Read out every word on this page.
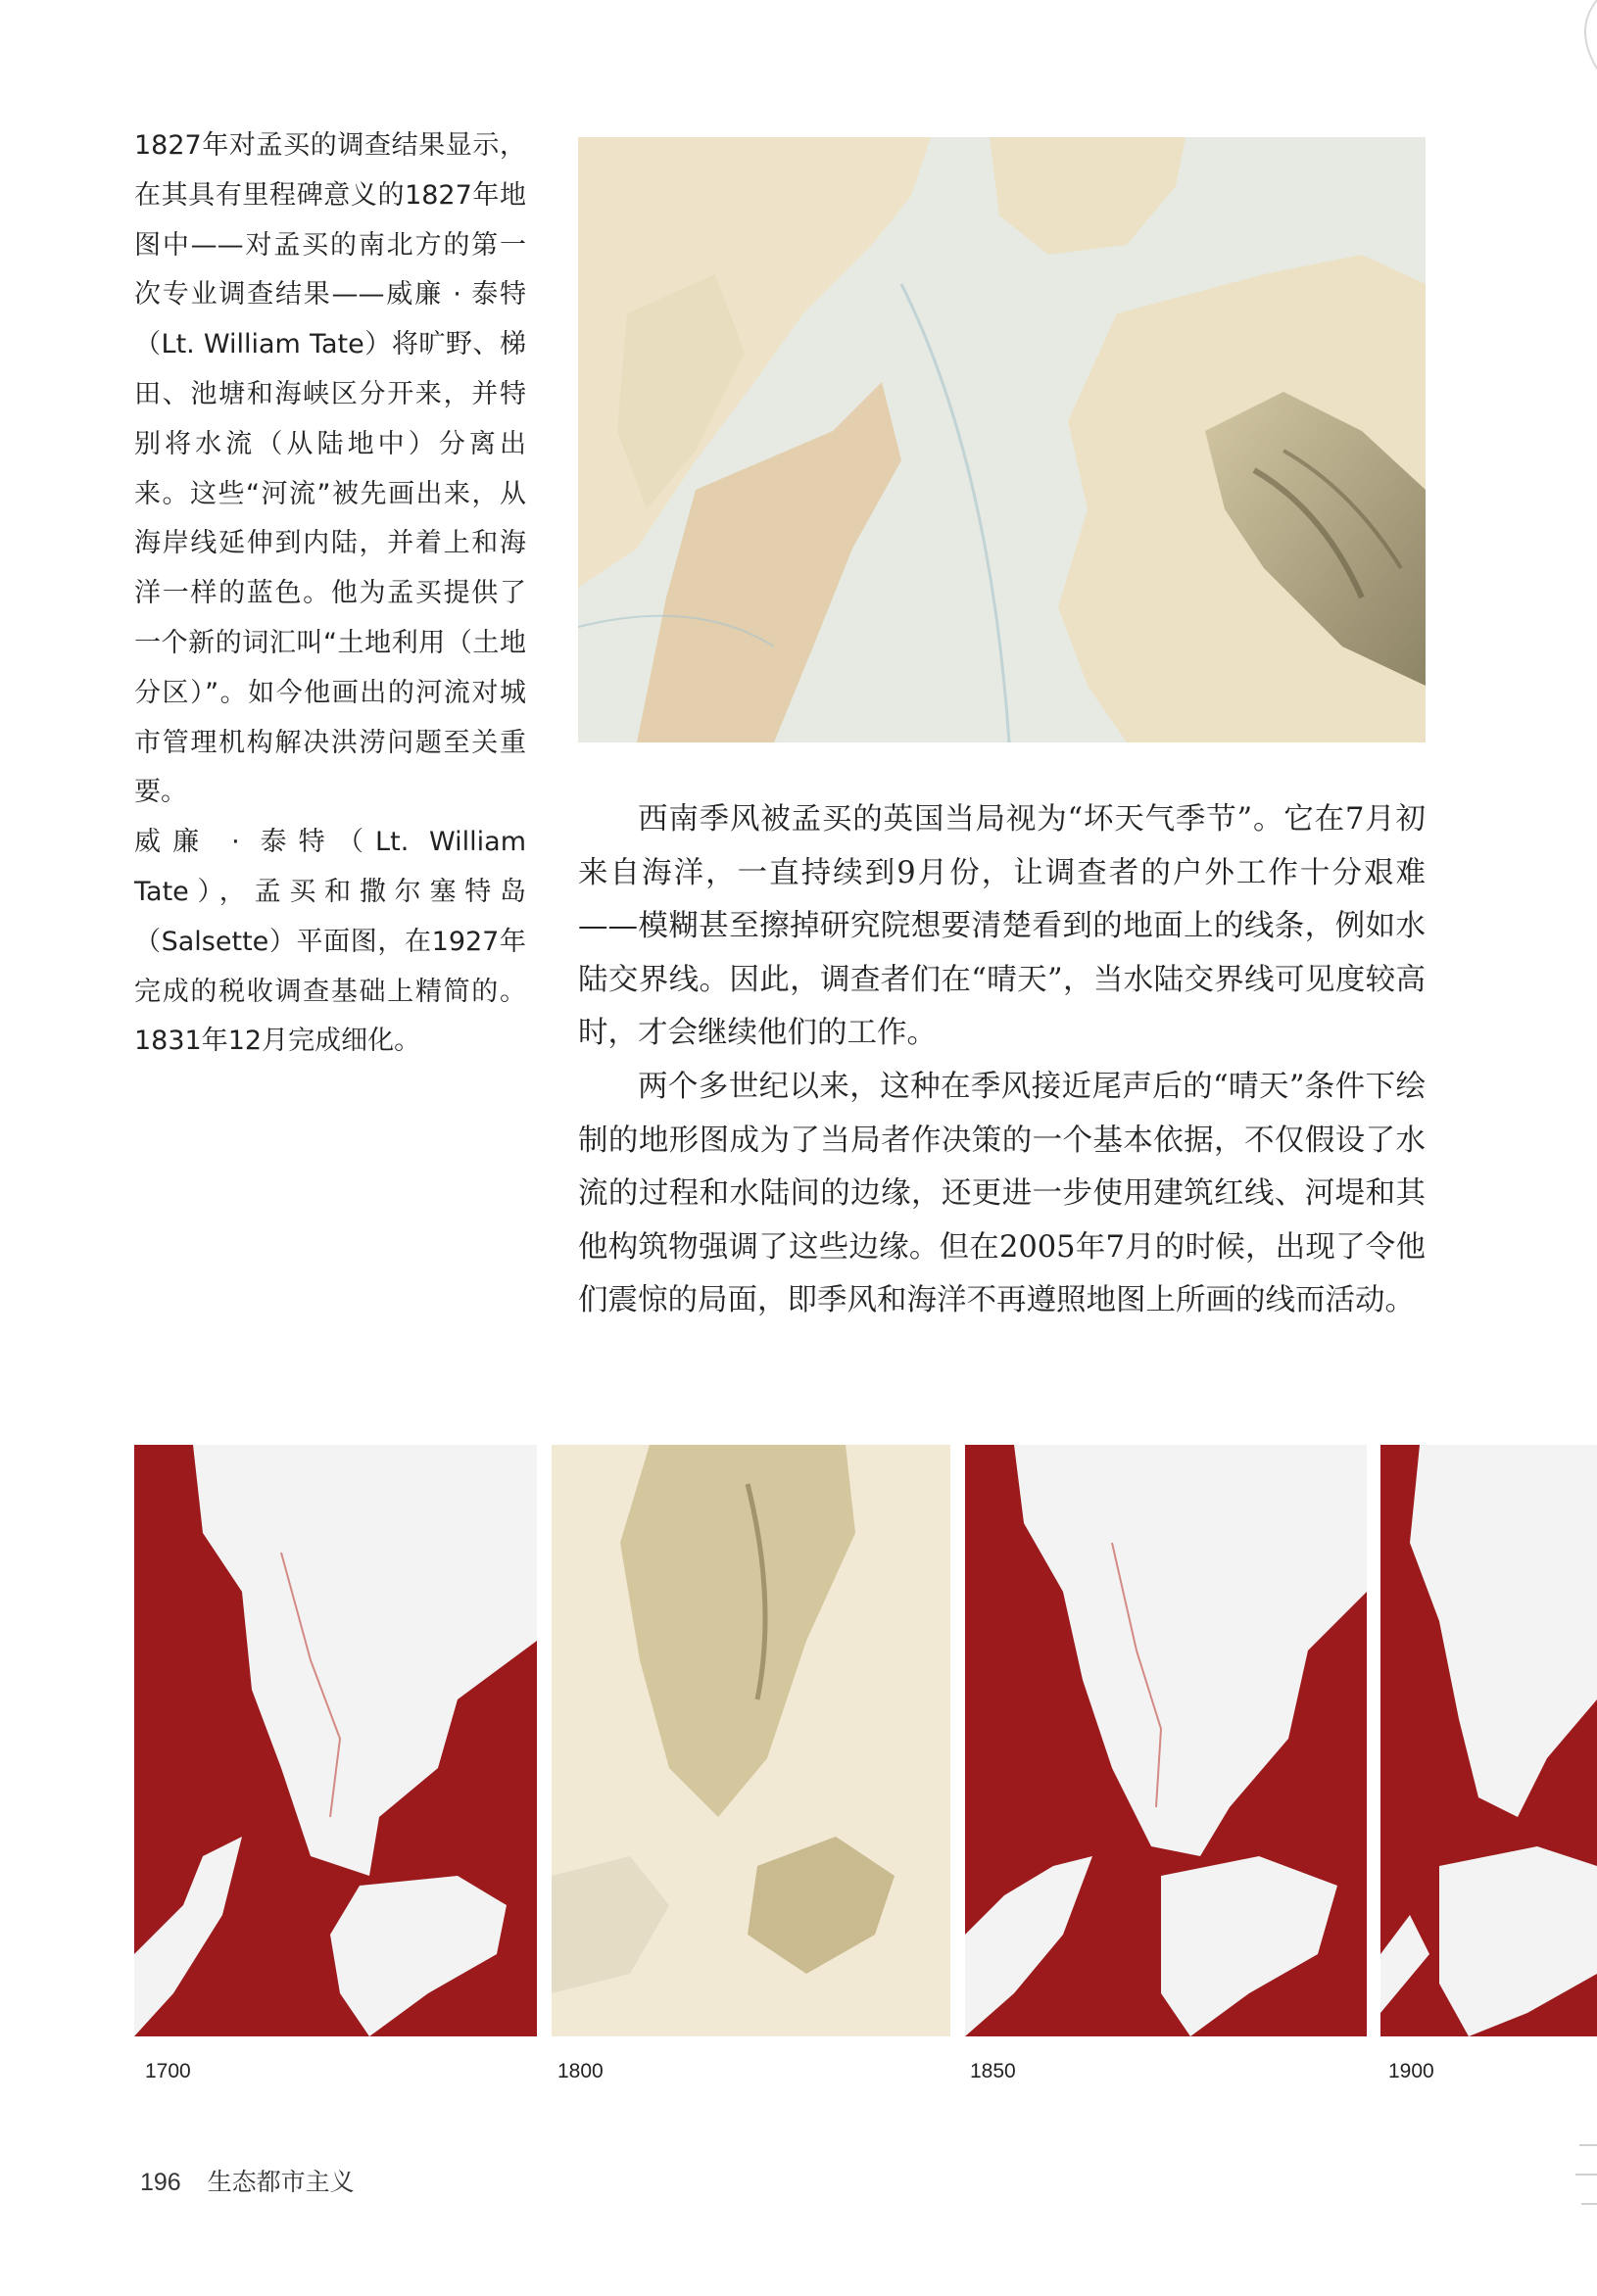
1827年对孟买的调查结果显示，在其具有里程碑意义的1827年地图中——对孟买的南北方的第一次专业调查结果——威廉 · 泰特（Lt. William Tate）将旷野、梯田、池塘和海峡区分开来，并特别将水流（从陆地中）分离出来。这些“河流”被先画出来，从海岸线延伸到内陆，并着上和海洋一样的蓝色。他为孟买提供了一个新的词汇叫“土地利用（土地分区）”。如今他画出的河流对城市管理机构解决洪涝问题至关重要。

威廉 · 泰特（Lt. William Tate），孟买和撒尔塞特岛（Salsette）平面图，在1927年完成的税收调查基础上精简的。1831年12月完成细化。

西南季风被孟买的英国当局视为“坏天气季节”。它在7月初来自海洋，一直持续到9月份，让调查者的户外工作十分艰难——模糊甚至擦掉研究院想要清楚看到的地面上的线条，例如水陆交界线。因此，调查者们在“晴天”，当水陆交界线可见度较高时，才会继续他们的工作。

两个多世纪以来，这种在季风接近尾声后的“晴天”条件下绘制的地形图成为了当局者作决策的一个基本依据，不仅假设了水流的过程和水陆间的边缘，还更进一步使用建筑红线、河堤和其他构筑物强调了这些边缘。但在2005年7月的时候，出现了令他们震惊的局面，即季风和海洋不再遵照地图上所画的线而活动。

1700	1800	1850	1900
196 生态都市主义
